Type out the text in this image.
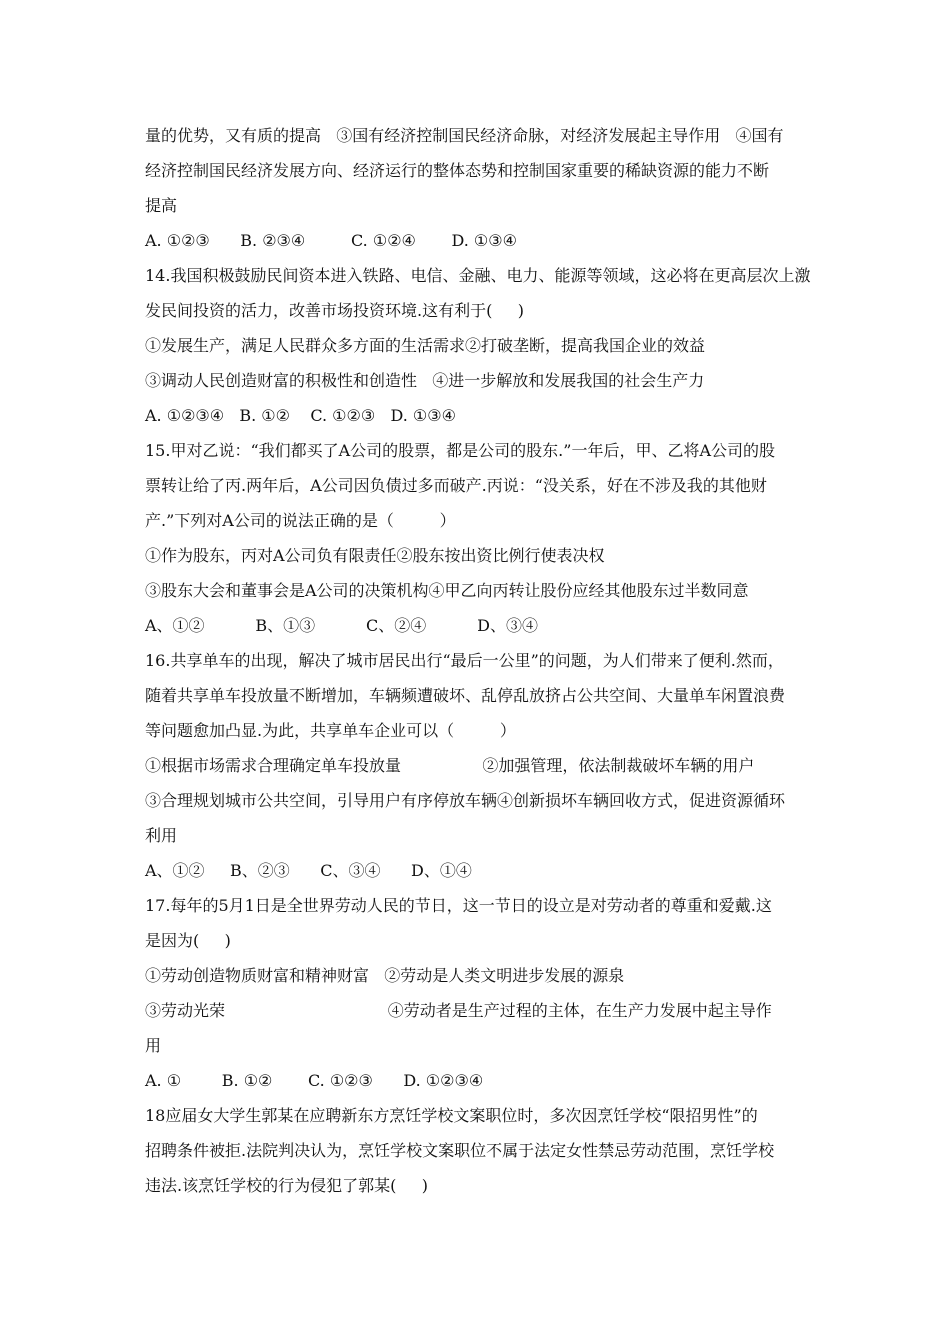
量的优势，又有质的提高   ③国有经济控制国民经济命脉，对经济发展起主导作用   ④国有
经济控制国民经济发展方向、经济运行的整体态势和控制国家重要的稀缺资源的能力不断
提高
A. ①②③      B. ②③④         C. ①②④       D. ①③④
14.我国积极鼓励民间资本进入铁路、电信、金融、电力、能源等领域，这必将在更高层次上激
发民间投资的活力，改善市场投资环境.这有利于(     )
①发展生产，满足人民群众多方面的生活需求②打破垄断，提高我国企业的效益
③调动人民创造财富的积极性和创造性   ④进一步解放和发展我国的社会生产力
A. ①②③④   B. ①②    C. ①②③   D. ①③④
15.甲对乙说：“我们都买了A公司的股票，都是公司的股东.”一年后，甲、乙将A公司的股
票转让给了丙.两年后，A公司因负债过多而破产.丙说：“没关系，好在不涉及我的其他财
产.”下列对A公司的说法正确的是（         ）
①作为股东，丙对A公司负有限责任②股东按出资比例行使表决权
③股东大会和董事会是A公司的决策机构④甲乙向丙转让股份应经其他股东过半数同意
A、①②          B、①③          C、②④          D、③④
16.共享单车的出现，解决了城市居民出行“最后一公里”的问题，为人们带来了便利.然而，
随着共享单车投放量不断增加，车辆频遭破坏、乱停乱放挤占公共空间、大量单车闲置浪费
等问题愈加凸显.为此，共享单车企业可以（         ）
①根据市场需求合理确定单车投放量                ②加强管理，依法制裁破坏车辆的用户
③合理规划城市公共空间，引导用户有序停放车辆④创新损坏车辆回收方式，促进资源循环
利用
A、①②     B、②③      C、③④      D、①④
17.每年的5月1日是全世界劳动人民的节日，这一节日的设立是对劳动者的尊重和爱戴.这
是因为(     )
①劳动创造物质财富和精神财富   ②劳动是人类文明进步发展的源泉
③劳动光荣                                ④劳动者是生产过程的主体，在生产力发展中起主导作
用
A. ①        B. ①②       C. ①②③      D. ①②③④
18应届女大学生郭某在应聘新东方烹饪学校文案职位时，多次因烹饪学校“限招男性”的
招聘条件被拒.法院判决认为，烹饪学校文案职位不属于法定女性禁忌劳动范围，烹饪学校
违法.该烹饪学校的行为侵犯了郭某(     )
